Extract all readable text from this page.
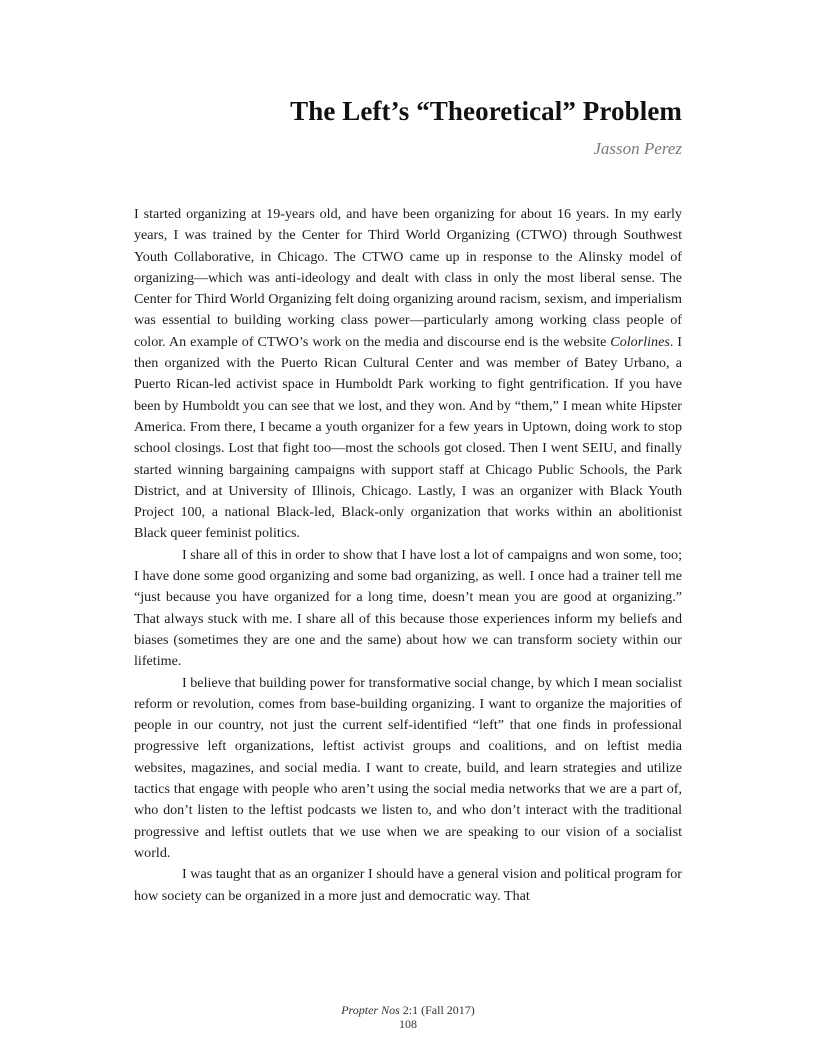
The Left’s “Theoretical” Problem
Jasson Perez

I started organizing at 19-years old, and have been organizing for about 16 years. In my early years, I was trained by the Center for Third World Organizing (CTWO) through Southwest Youth Collaborative, in Chicago. The CTWO came up in response to the Alinsky model of organizing—which was anti-ideology and dealt with class in only the most liberal sense. The Center for Third World Organizing felt doing organizing around racism, sexism, and imperialism was essential to building working class power—particularly among working class people of color. An example of CTWO’s work on the media and discourse end is the website Colorlines. I then organized with the Puerto Rican Cultural Center and was member of Batey Urbano, a Puerto Rican-led activist space in Humboldt Park working to fight gentrification. If you have been by Humboldt you can see that we lost, and they won. And by “them,” I mean white Hipster America. From there, I became a youth organizer for a few years in Uptown, doing work to stop school closings. Lost that fight too—most the schools got closed. Then I went SEIU, and finally started winning bargaining campaigns with support staff at Chicago Public Schools, the Park District, and at University of Illinois, Chicago. Lastly, I was an organizer with Black Youth Project 100, a national Black-led, Black-only organization that works within an abolitionist Black queer feminist politics.

I share all of this in order to show that I have lost a lot of campaigns and won some, too; I have done some good organizing and some bad organizing, as well. I once had a trainer tell me “just because you have organized for a long time, doesn’t mean you are good at organizing.” That always stuck with me. I share all of this because those experiences inform my beliefs and biases (sometimes they are one and the same) about how we can transform society within our lifetime.

I believe that building power for transformative social change, by which I mean socialist reform or revolution, comes from base-building organizing. I want to organize the majorities of people in our country, not just the current self-identified “left” that one finds in professional progressive left organizations, leftist activist groups and coalitions, and on leftist media websites, magazines, and social media. I want to create, build, and learn strategies and utilize tactics that engage with people who aren’t using the social media networks that we are a part of, who don’t listen to the leftist podcasts we listen to, and who don’t interact with the traditional progressive and leftist outlets that we use when we are speaking to our vision of a socialist world.

I was taught that as an organizer I should have a general vision and political program for how society can be organized in a more just and democratic way. That

Propter Nos 2:1 (Fall 2017)
108
